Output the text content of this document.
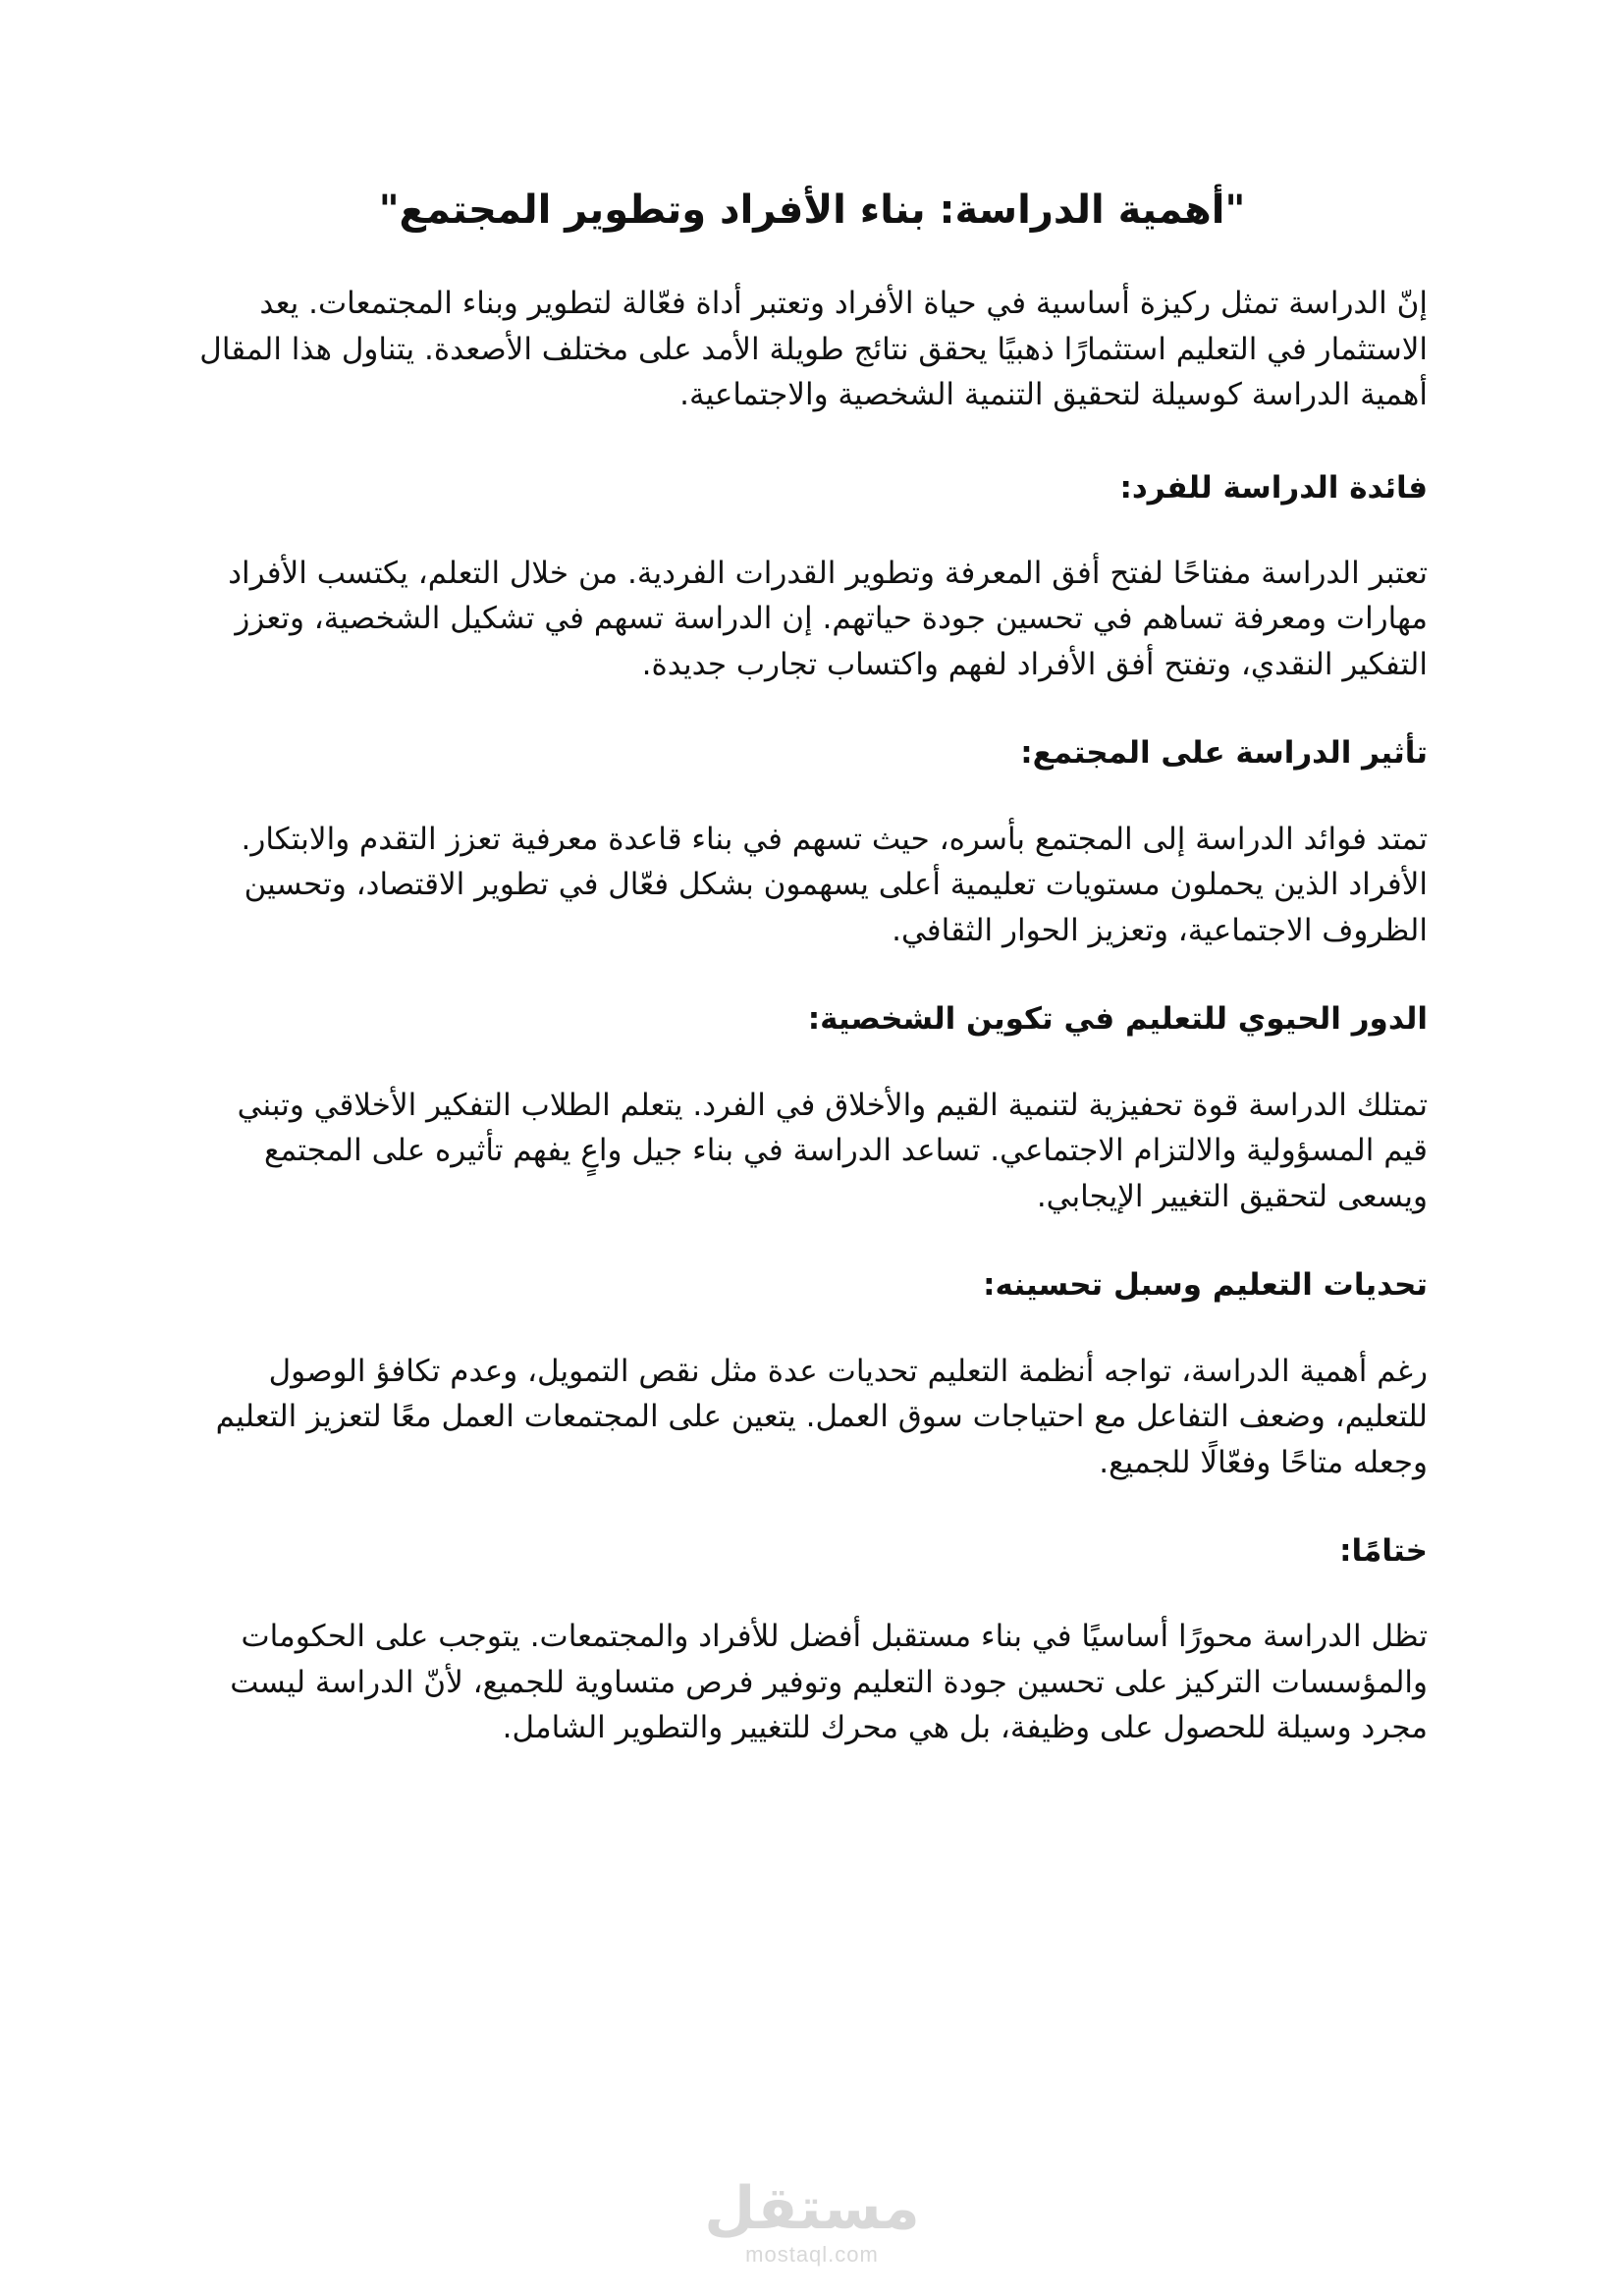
"أهمية الدراسة: بناء الأفراد وتطوير المجتمع"

إنّ الدراسة تمثل ركيزة أساسية في حياة الأفراد وتعتبر أداة فعّالة لتطوير وبناء المجتمعات. يعد الاستثمار في التعليم استثمارًا ذهبيًا يحقق نتائج طويلة الأمد على مختلف الأصعدة. يتناول هذا المقال أهمية الدراسة كوسيلة لتحقيق التنمية الشخصية والاجتماعية.

فائدة الدراسة للفرد:

تعتبر الدراسة مفتاحًا لفتح أفق المعرفة وتطوير القدرات الفردية. من خلال التعلم، يكتسب الأفراد مهارات ومعرفة تساهم في تحسين جودة حياتهم. إن الدراسة تسهم في تشكيل الشخصية، وتعزز التفكير النقدي، وتفتح أفق الأفراد لفهم واكتساب تجارب جديدة.

تأثير الدراسة على المجتمع:

تمتد فوائد الدراسة إلى المجتمع بأسره، حيث تسهم في بناء قاعدة معرفية تعزز التقدم والابتكار. الأفراد الذين يحملون مستويات تعليمية أعلى يسهمون بشكل فعّال في تطوير الاقتصاد، وتحسين الظروف الاجتماعية، وتعزيز الحوار الثقافي.

الدور الحيوي للتعليم في تكوين الشخصية:

تمتلك الدراسة قوة تحفيزية لتنمية القيم والأخلاق في الفرد. يتعلم الطلاب التفكير الأخلاقي وتبني قيم المسؤولية والالتزام الاجتماعي. تساعد الدراسة في بناء جيل واعٍ يفهم تأثيره على المجتمع ويسعى لتحقيق التغيير الإيجابي.

تحديات التعليم وسبل تحسينه:

رغم أهمية الدراسة، تواجه أنظمة التعليم تحديات عدة مثل نقص التمويل، وعدم تكافؤ الوصول للتعليم، وضعف التفاعل مع احتياجات سوق العمل. يتعين على المجتمعات العمل معًا لتعزيز التعليم وجعله متاحًا وفعّالًا للجميع.

ختامًا:

تظل الدراسة محورًا أساسيًا في بناء مستقبل أفضل للأفراد والمجتمعات. يتوجب على الحكومات والمؤسسات التركيز على تحسين جودة التعليم وتوفير فرص متساوية للجميع، لأنّ الدراسة ليست مجرد وسيلة للحصول على وظيفة، بل هي محرك للتغيير والتطوير الشامل.

مستقل
mostaql.com
